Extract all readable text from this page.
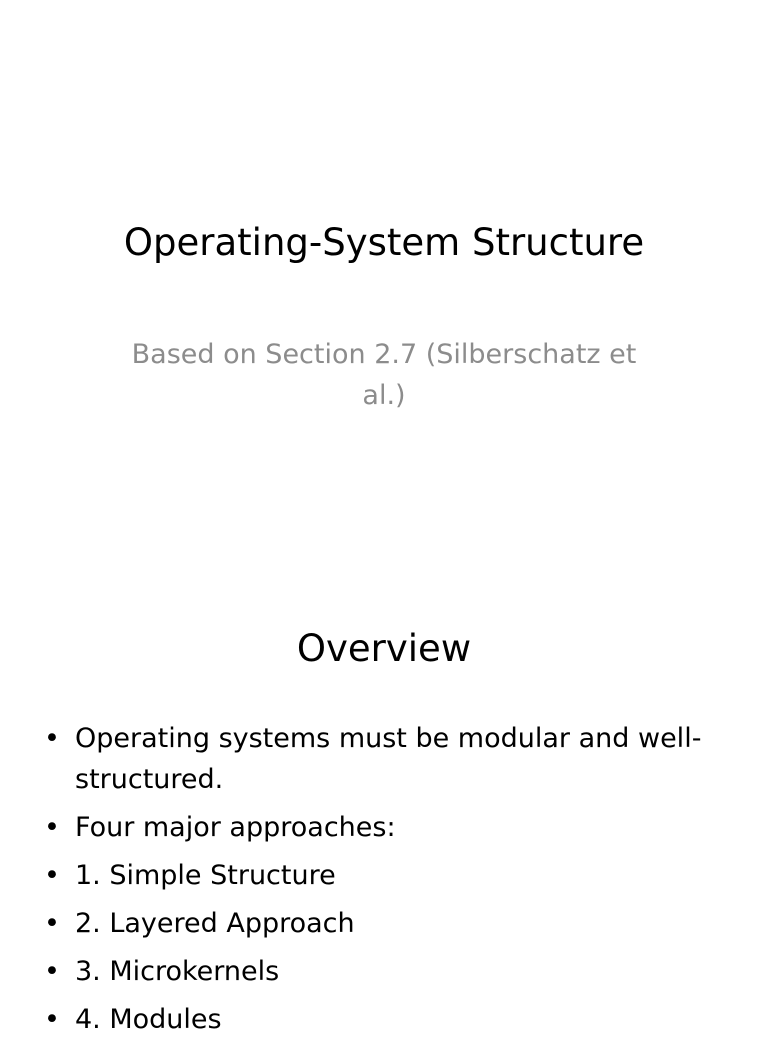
Operating-System Structure

Based on Section 2.7 (Silberschatz et al.)

Overview
• Operating systems must be modular and well-structured.
• Four major approaches:
• 1. Simple Structure
• 2. Layered Approach
• 3. Microkernels
• 4. Modules
